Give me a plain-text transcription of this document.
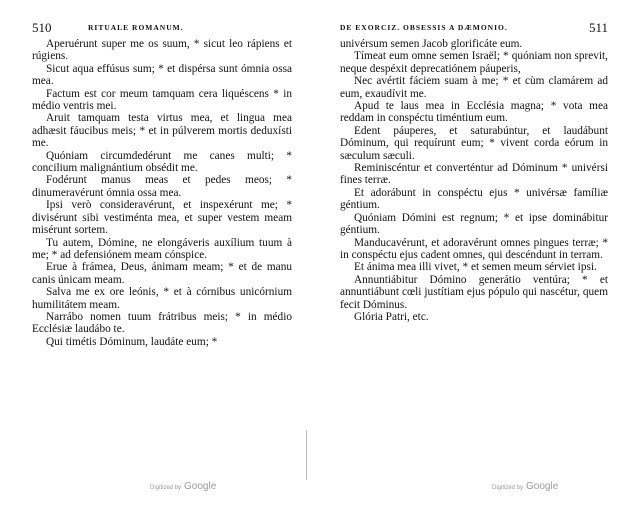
510	RITUALE ROMANUM.

Aperuérunt super me os suum, * sicut leo rápiens et rúgiens.

Sicut aqua effúsus sum; * et dispérsa sunt ómnia ossa mea.

Factum est cor meum tamquam cera liquéscens * in médio ventris mei.

Aruit tamquam testa virtus mea, et lingua mea adhæsit fáucibus meis; * et in púlverem mortis deduxísti me.

Quóniam circumdedérunt me canes multi; * concilium malignántium obsédit me.

Fodérunt manus meas et pedes meos; * dinumeravérunt ómnia ossa mea.

Ipsi verò consideravérunt, et inspexérunt me; * divisérunt sibi vestiménta mea, et super vestem meam misérunt sortem.

Tu autem, Dómine, ne elongáveris auxílium tuum à me; * ad defensiónem meam cónspice.

Erue à frámea, Deus, ánimam meam; * et de manu canis únicam meam.

Salva me ex ore leónis, * et à córnibus unicórnium humilitátem meam.

Narrábo nomen tuum frátribus meis; * in médio Ecclésiæ laudábo te.

Qui timétis Dóminum, laudáte eum; *

Digitized by Google
DE EXORCIZ. OBSESSIS A DÆMONIO.	511

univérsum semen Jacob glorificáte eum.

Tímeat eum omne semen Israël; * quóniam non sprevit, neque despéxit deprecatiónem páuperis,

Nec avértit fáciem suam à me; * et cùm clamárem ad eum, exaudívit me.

Apud te laus mea in Ecclésia magna; * vota mea reddam in conspéctu timéntium eum.

Edent páuperes, et saturabúntur, et laudábunt Dóminum, qui requírunt eum; * vivent corda eórum in sæculum sæculi.

Reminiscéntur et converténtur ad Dóminum * univérsi fines terræ.

Et adorábunt in conspéctu ejus * univérsæ famíliæ géntium.

Quóniam Dómini est regnum; * et ipse dominábitur géntium.

Manducavérunt, et adoravérunt omnes pingues terræ; * in conspéctu ejus cadent omnes, qui descéndunt in terram.

Et ánima mea illi vivet, * et semen meum sérviet ipsi.

Annuntiábitur Dómino generátio ventúra; * et annuntiábunt cœli justítiam ejus pópulo qui nascétur, quem fecit Dóminus.

Glória Patri, etc.

Digitized by Google
